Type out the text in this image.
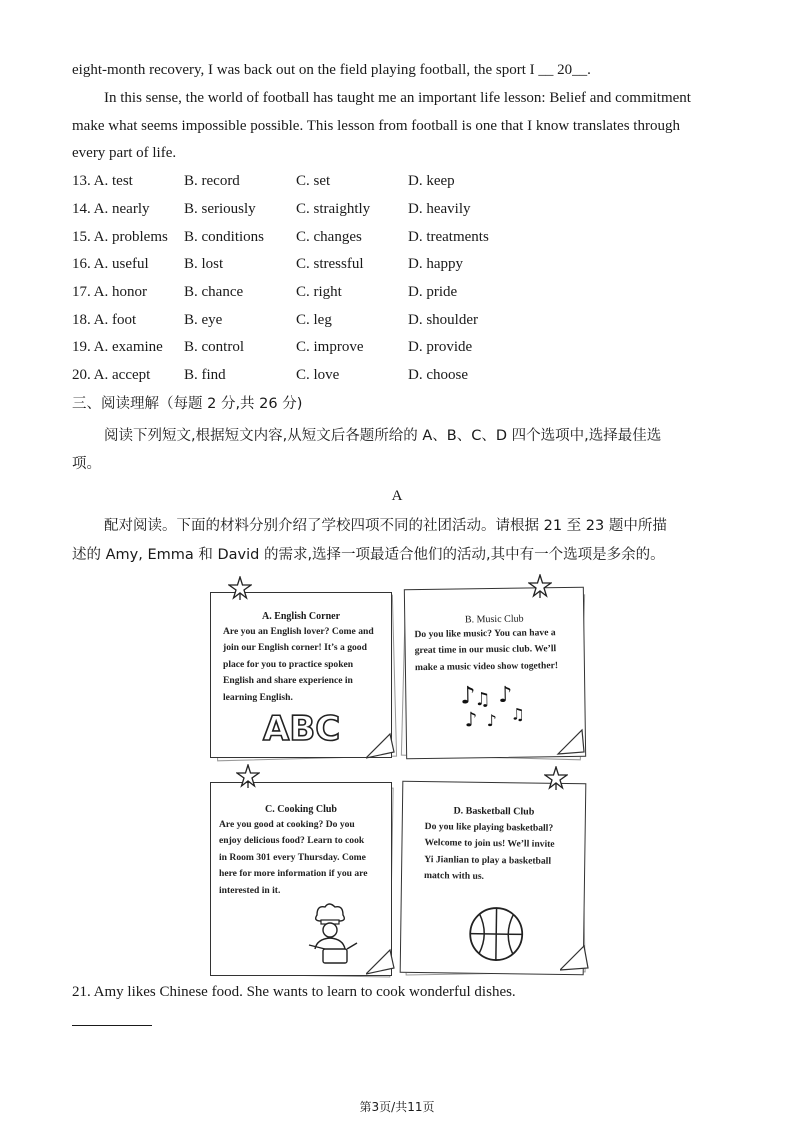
eight-month recovery, I was back out on the field playing football, the sport I __ 20__.
In this sense, the world of football has taught me an important life lesson: Belief and commitment
make what seems impossible possible. This lesson from football is one that I know translates through
every part of life.
13. A. test	B. record	C. set	D. keep
14. A. nearly B. seriously	C. straightly	D. heavily
15. A. problems B. conditions C. changes	D. treatments
16. A. useful B. lost	C. stressful	D. happy
17. A. honor B. chance	C. right	D. pride
18. A. foot	B. eye	C. leg	D. shoulder
19. A. examine B. control	C. improve	D. provide
20. A. accept B. find	C. love	D. choose
三、阅读理解（每题 2 分,共 26 分)
阅读下列短文,根据短文内容,从短文后各题所给的 A、B、C、D 四个选项中,选择最佳选
项。
A
配对阅读。下面的材料分别介绍了学校四项不同的社团活动。请根据 21 至 23 题中所描
述的 Amy, Emma 和 David 的需求,选择一项最适合他们的活动,其中有一个选项是多余的。
A. English Corner
Are you an English lover? Come and
join our English corner! It’s a good
place for you to practice spoken
English and share experience in
learning English.
ABC
B. Music Club
Do you like music? You can have a
great time in our music club. We’ll
make a music video show together!
♪
♫ ♪
♪ ♪ ♫
C. Cooking Club
Are you good at cooking? Do you
enjoy delicious food? Learn to cook
in Room 301 every Thursday. Come
here for more information if you are
interested in it.
D. Basketball Club
Do you like playing basketball?
Welcome to join us! We’ll invite
Yi Jianlian to play a basketball
match with us.
21. Amy likes Chinese food. She wants to learn to cook wonderful dishes.
第3页/共11页
